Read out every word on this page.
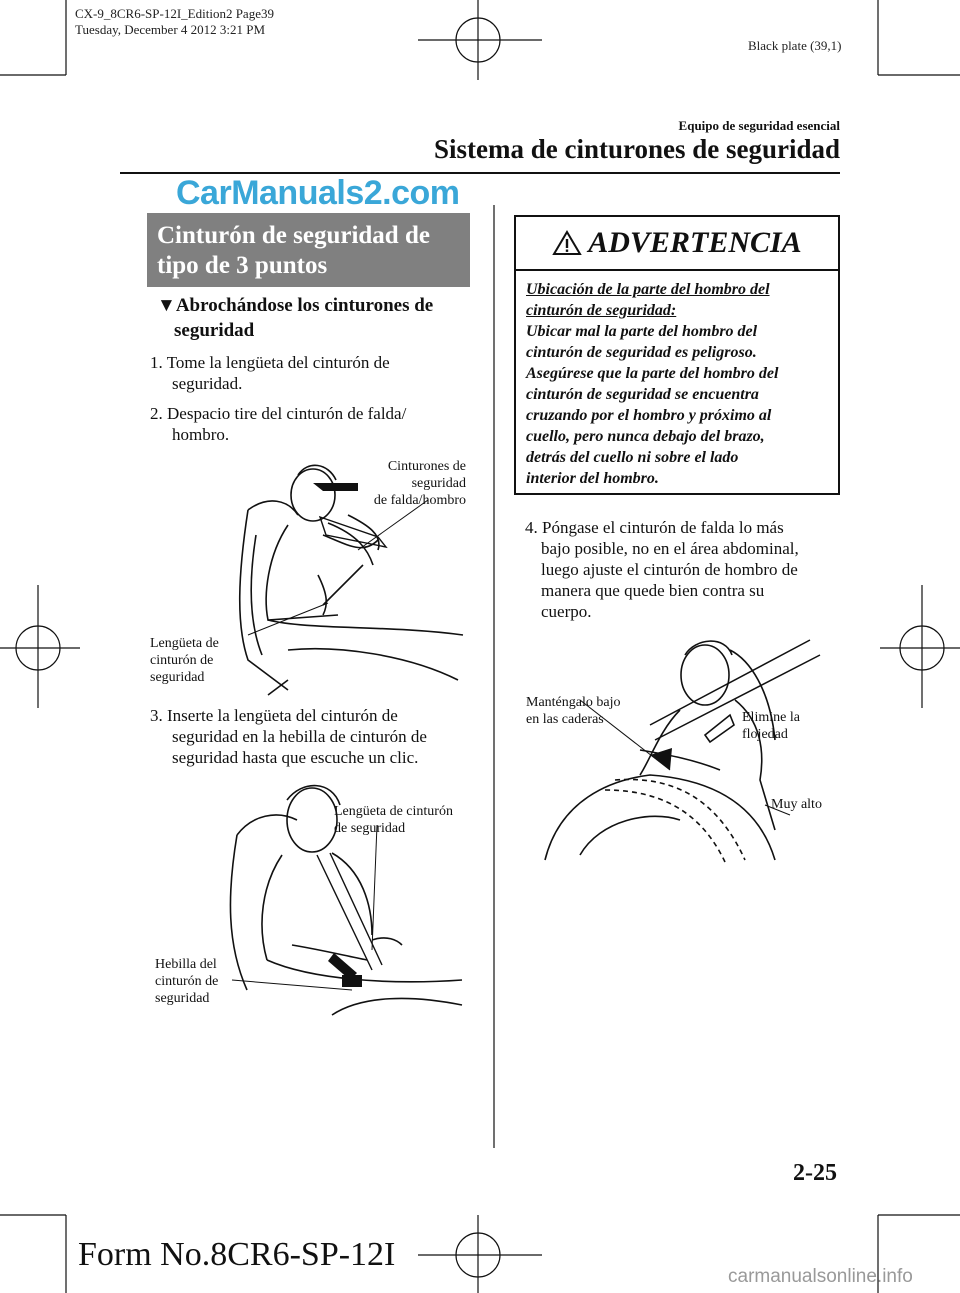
CX-9_8CR6-SP-12I_Edition2 Page39
Tuesday, December 4 2012 3:21 PM
Black plate (39,1)
Equipo de seguridad esencial
Sistema de cinturones de seguridad
CarManuals2.com
Cinturón de seguridad de
tipo de 3 puntos
▼Abrochándose los cinturones de
seguridad
1. Tome la lengüeta del cinturón de
seguridad.
2. Despacio tire del cinturón de falda/
hombro.
Cinturones de seguridad
de falda/hombro
Lengüeta de
cinturón de
seguridad
3. Inserte la lengüeta del cinturón de
seguridad en la hebilla de cinturón de
seguridad hasta que escuche un clic.
Lengüeta de cinturón
de seguridad
Hebilla del
cinturón de
seguridad
ADVERTENCIA
Ubicación de la parte del hombro del
cinturón de seguridad:
Ubicar mal la parte del hombro del
cinturón de seguridad es peligroso.
Asegúrese que la parte del hombro del
cinturón de seguridad se encuentra
cruzando por el hombro y próximo al
cuello, pero nunca debajo del brazo,
detrás del cuello ni sobre el lado
interior del hombro.
4. Póngase el cinturón de falda lo más
bajo posible, no en el área abdominal,
luego ajuste el cinturón de hombro de
manera que quede bien contra su
cuerpo.
Manténgalo bajo
en las caderas	Elimine la
flojedad
Muy alto
2-25
Form No.8CR6-SP-12I
carmanualsonline.info
